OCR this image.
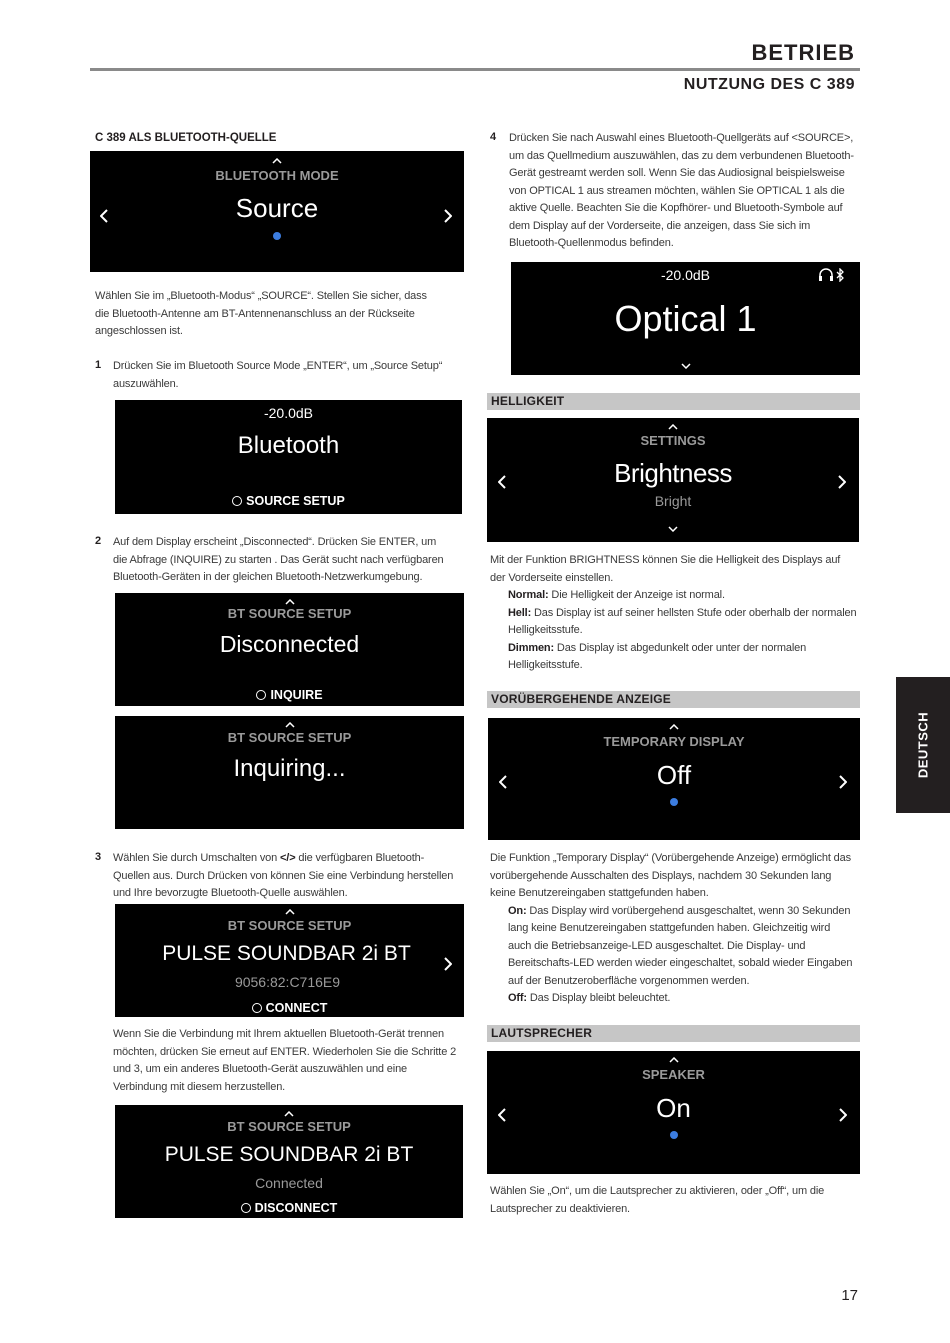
BETRIEB
NUTZUNG DES C 389
DEUTSCH
C 389 ALS BLUETOOTH-QUELLE
BLUETOOTH MODE
Source
Wählen Sie im „Bluetooth-Modus“ „SOURCE“. Stellen Sie sicher, dass die Bluetooth-Antenne am BT-Antennenanschluss an der Rückseite angeschlossen ist.
1 Drücken Sie im Bluetooth Source Mode „ENTER“, um „Source Setup“ auszuwählen.
-20.0dB
Bluetooth
SOURCE SETUP
2 Auf dem Display erscheint „Disconnected“. Drücken Sie ENTER, um die Abfrage (INQUIRE) zu starten . Das Gerät sucht nach verfügbaren Bluetooth-Geräten in der gleichen Bluetooth-Netzwerkumgebung.
BT SOURCE SETUP
Disconnected
INQUIRE
BT SOURCE SETUP
Inquiring...
3 Wählen Sie durch Umschalten von </> die verfügbaren Bluetooth-Quellen aus. Durch Drücken von können Sie eine Verbindung herstellen und Ihre bevorzugte Bluetooth-Quelle auswählen.
BT SOURCE SETUP
PULSE SOUNDBAR 2i BT
9056:82:C716E9
CONNECT
Wenn Sie die Verbindung mit Ihrem aktuellen Bluetooth-Gerät trennen möchten, drücken Sie erneut auf ENTER. Wiederholen Sie die Schritte 2 und 3, um ein anderes Bluetooth-Gerät auszuwählen und eine Verbindung mit diesem herzustellen.
BT SOURCE SETUP
PULSE SOUNDBAR 2i BT
Connected
DISCONNECT
4 Drücken Sie nach Auswahl eines Bluetooth-Quellgeräts auf <SOURCE>, um das Quellmedium auszuwählen, das zu dem verbundenen Bluetooth-Gerät gestreamt werden soll. Wenn Sie das Audiosignal beispielsweise von OPTICAL 1 aus streamen möchten, wählen Sie OPTICAL 1 als die aktive Quelle. Beachten Sie die Kopfhörer- und Bluetooth-Symbole auf dem Display auf der Vorderseite, die anzeigen, dass Sie sich im Bluetooth-Quellenmodus befinden.
-20.0dB
Optical 1
HELLIGKEIT
SETTINGS
Brightness
Bright
Mit der Funktion BRIGHTNESS können Sie die Helligkeit des Displays auf der Vorderseite einstellen.
Normal: Die Helligkeit der Anzeige ist normal.
Hell: Das Display ist auf seiner hellsten Stufe oder oberhalb der normalen Helligkeitsstufe.
Dimmen: Das Display ist abgedunkelt oder unter der normalen Helligkeitsstufe.
VORÜBERGEHENDE ANZEIGE
TEMPORARY DISPLAY
Off
Die Funktion „Temporary Display“ (Vorübergehende Anzeige) ermöglicht das vorübergehende Ausschalten des Displays, nachdem 30 Sekunden lang keine Benutzereingaben stattgefunden haben.
On: Das Display wird vorübergehend ausgeschaltet, wenn 30 Sekunden lang keine Benutzereingaben stattgefunden haben. Gleichzeitig wird auch die Betriebsanzeige-LED ausgeschaltet. Die Display- und Bereitschafts-LED werden wieder eingeschaltet, sobald wieder Eingaben auf der Benutzeroberfläche vorgenommen werden.
Off: Das Display bleibt beleuchtet.
LAUTSPRECHER
SPEAKER
On
Wählen Sie „On“, um die Lautsprecher zu aktivieren, oder „Off“, um die Lautsprecher zu deaktivieren.
17
